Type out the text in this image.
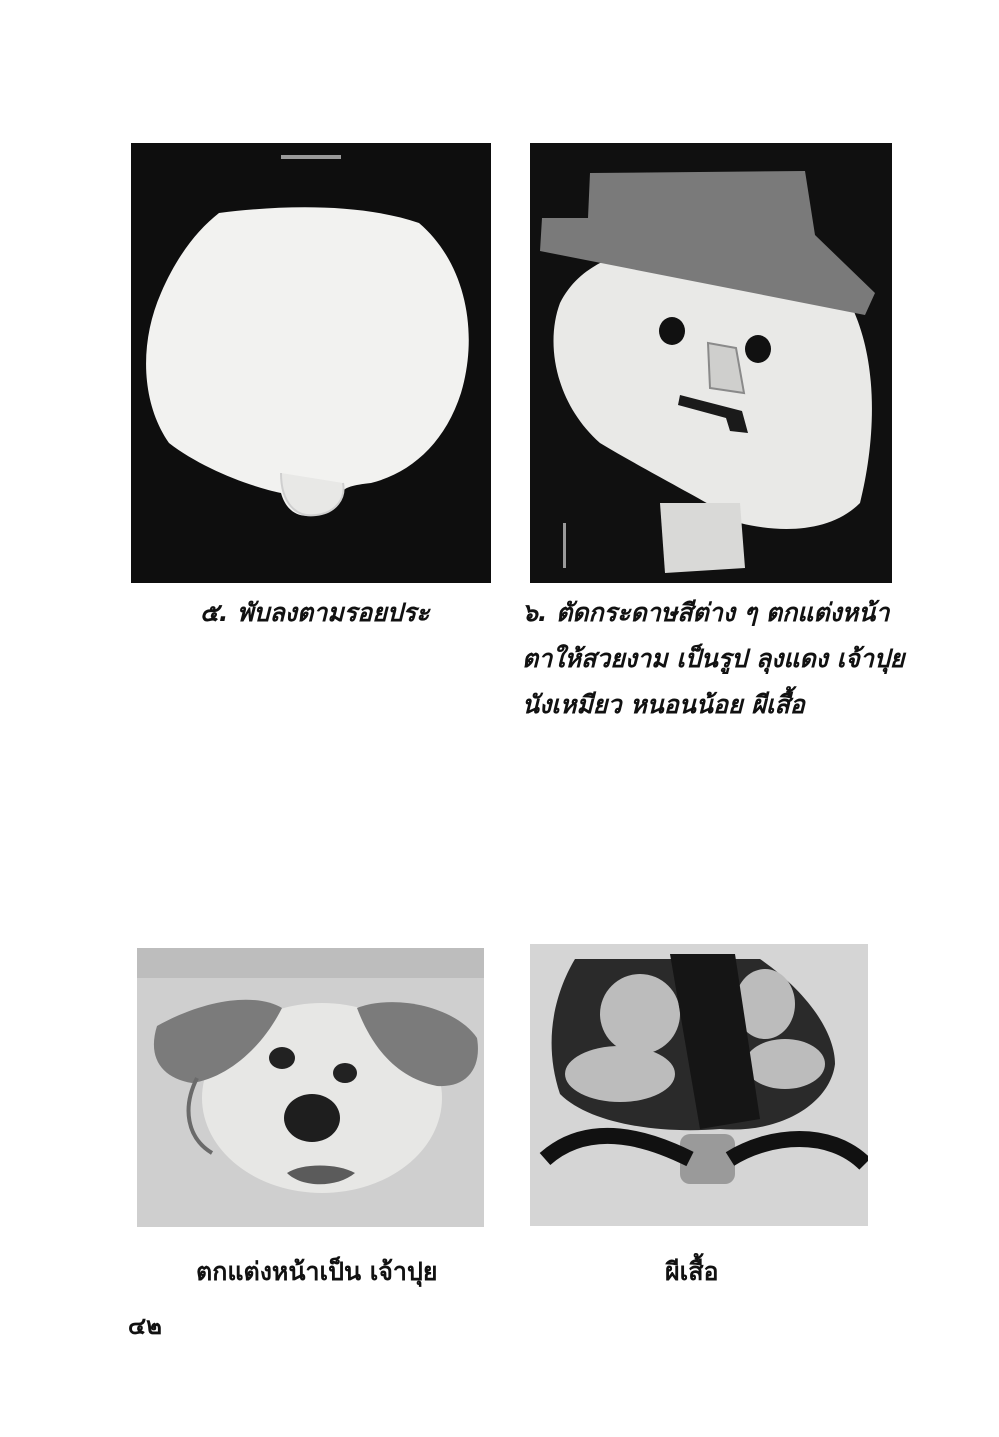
๕. พับลงตามรอยประ	๖. ตัดกระดาษสีต่าง ๆ ตกแต่งหน้า
ตาให้สวยงาม เป็นรูป ลุงแดง เจ้าปุย
นังเหมียว หนอนน้อย ผีเสื้อ
ตกแต่งหน้าเป็น เจ้าปุย	ผีเสื้อ
๔๒
